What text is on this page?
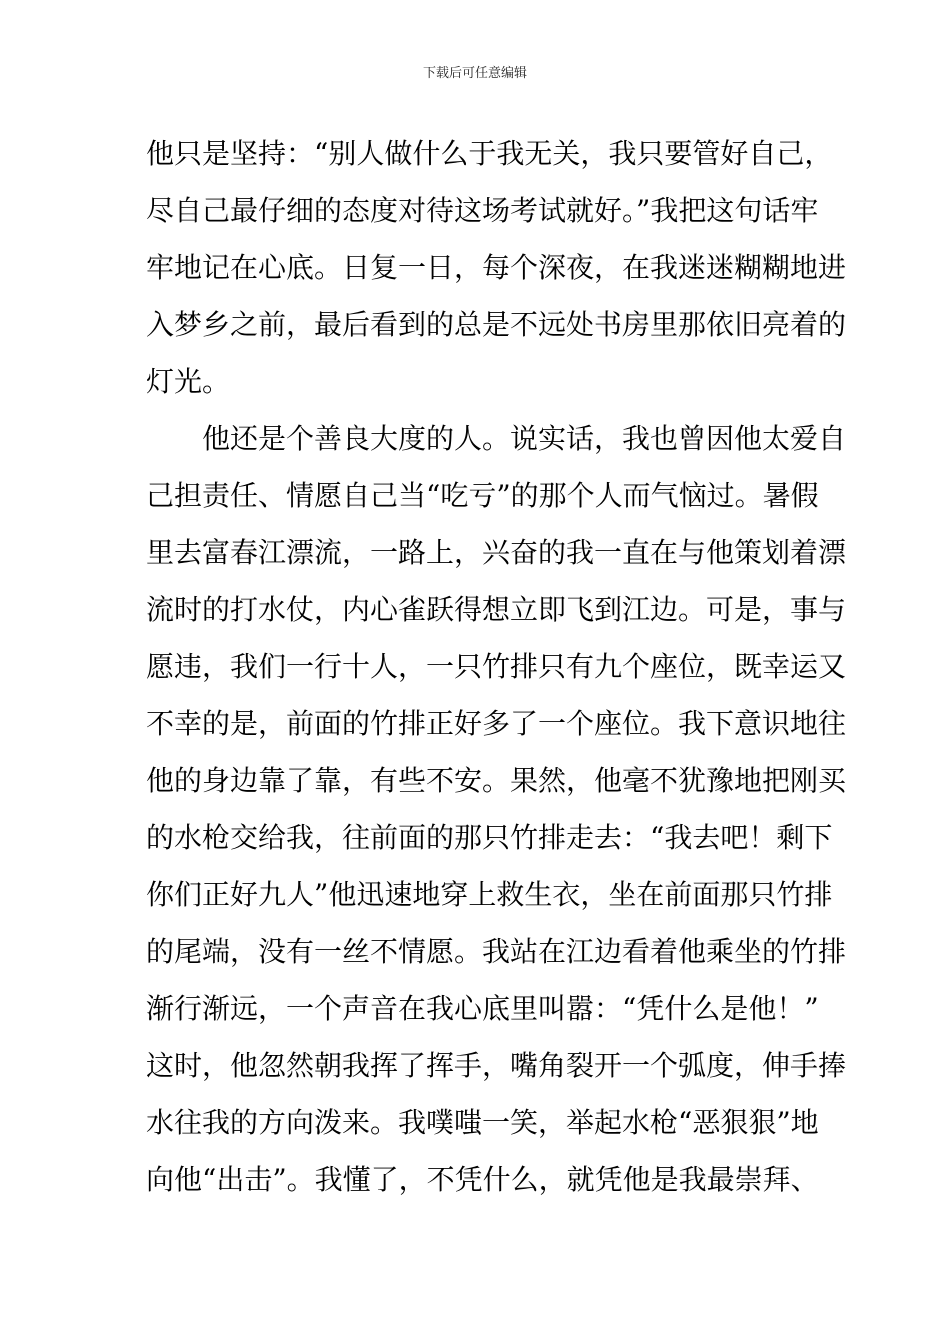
下载后可任意编辑
他只是坚持：“别人做什么于我无关，我只要管好自己，
尽自己最仔细的态度对待这场考试就好。”我把这句话牢
牢地记在心底。日复一日，每个深夜，在我迷迷糊糊地进
入梦乡之前，最后看到的总是不远处书房里那依旧亮着的
灯光。
他还是个善良大度的人。说实话，我也曾因他太爱自
己担责任、情愿自己当“吃亏”的那个人而气恼过。暑假
里去富春江漂流，一路上，兴奋的我一直在与他策划着漂
流时的打水仗，内心雀跃得想立即飞到江边。可是，事与
愿违，我们一行十人，一只竹排只有九个座位，既幸运又
不幸的是，前面的竹排正好多了一个座位。我下意识地往
他的身边靠了靠，有些不安。果然，他毫不犹豫地把刚买
的水枪交给我，往前面的那只竹排走去：“我去吧！剩下
你们正好九人”他迅速地穿上救生衣，坐在前面那只竹排
的尾端，没有一丝不情愿。我站在江边看着他乘坐的竹排
渐行渐远，一个声音在我心底里叫嚣：“凭什么是他！”
这时，他忽然朝我挥了挥手，嘴角裂开一个弧度，伸手捧
水往我的方向泼来。我噗嗤一笑，举起水枪“恶狠狠”地
向他“出击”。我懂了，不凭什么，就凭他是我最崇拜、
